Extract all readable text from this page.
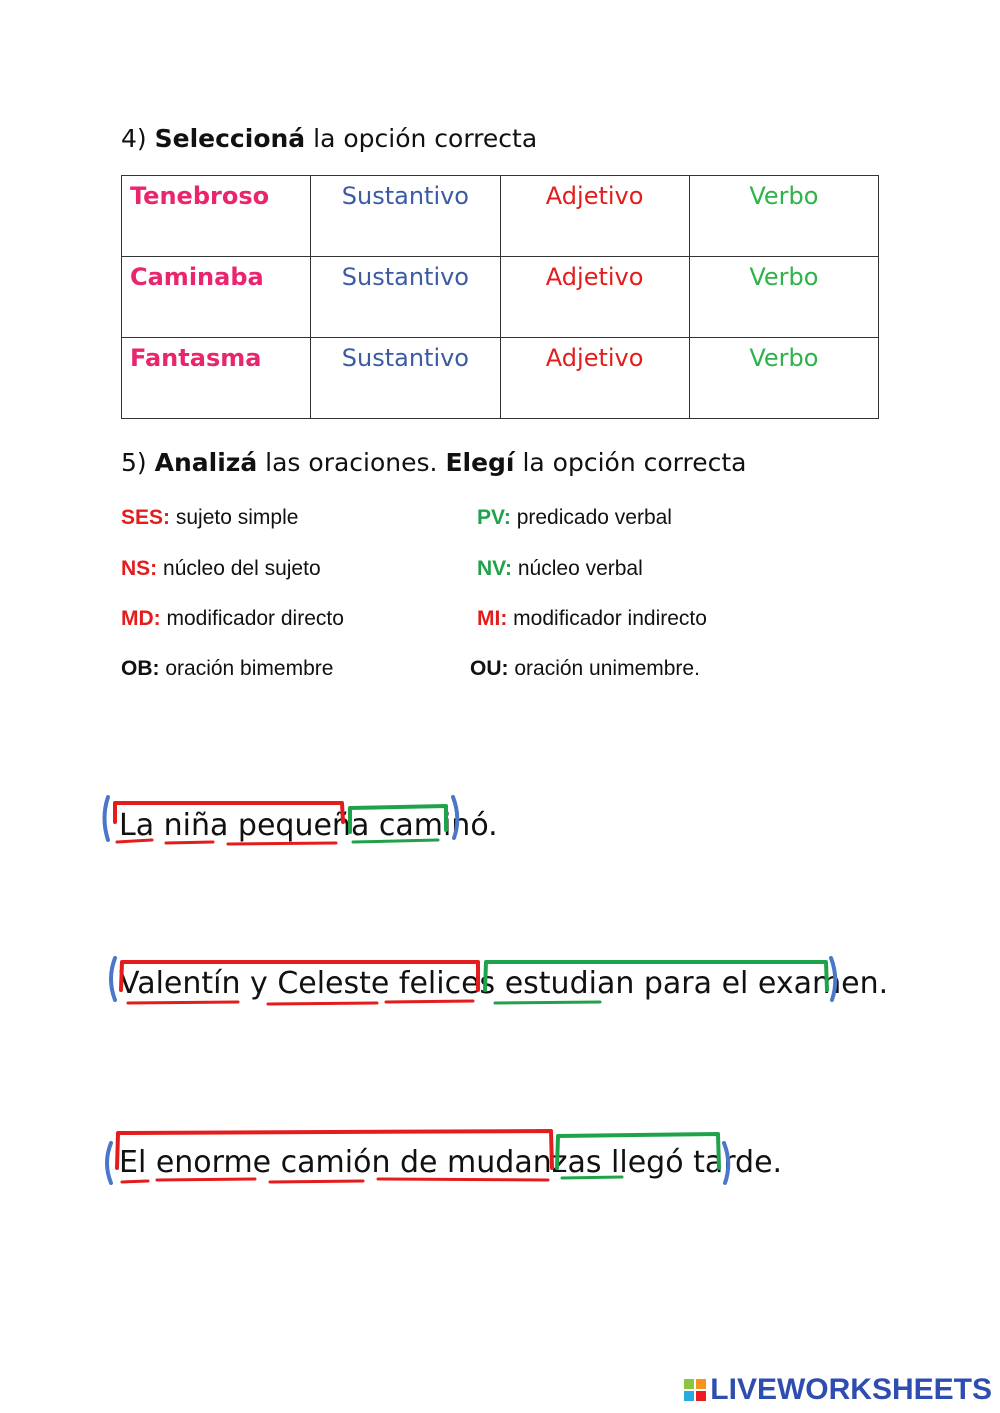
4) Seleccioná la opción correcta
Tenebroso	Sustantivo	Adjetivo	Verbo
Caminaba	Sustantivo	Adjetivo	Verbo
Fantasma	Sustantivo	Adjetivo	Verbo
5) Analizá las oraciones. Elegí la opción correcta
SES: sujeto simple	PV: predicado verbal
NS: núcleo del sujeto	NV: núcleo verbal
MD: modificador directo	MI: modificador indirecto
OB: oración bimembre	OU: oración unimembre.
La niña pequeña caminó.
Valentín y Celeste felices estudian para el examen.
El enorme camión de mudanzas llegó tarde.
LIVEWORKSHEETS
